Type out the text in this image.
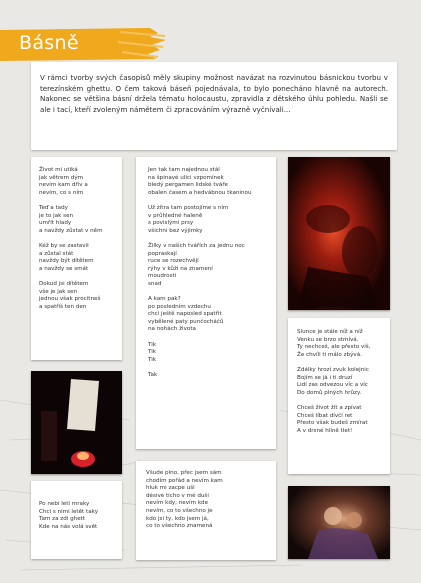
Básně

V rámci tvorby svých časopisů měly skupiny možnost navázat na rozvinutou básnickou tvorbu v terezínském ghettu. O čem taková báseň pojednávala, to bylo ponecháno hlavně na autorech. Nakonec se většina básní držela tématu holocaustu, zpravidla z dětského úhlu pohledu. Našli se ale i tací, kteří zvoleným námětem či zpracováním výrazně vyčnívali...

Život mi utiká
jak větrem dým
nevím kam dřív a
nevím, co s ním

Teď a tady
je to jak sen
umřít hlady
a navždy zůstat v něm

Kéž by se zastavil
a zůstal stát
navždy být dítětem
a navždy se smát

Dokud jsi dítětem
vše je jak sen
jednou však procitneš
a spatříš ten den
Jen tak tam najednou stál
na špinavé ulici vzpomínek
bledý pergamen lidské tváře
obalen časem a hedvábnou tkaninou

Už zítra tam postojíme s ním
v průhledné haleně
s povislými prsy
všichni bez výjimky

Žilky v našich tvářích za jednu noc
popraskají
ruce se rozechvějí
rýhy v kůži na znamení
moudrosti
snad

A kam pak?
po posledním vzdechu
chci ještě naposled spatřit
vybělené paty punčocháčů
na nohách života

Tik
Tik
Tik

Tak
Slunce je stále níž a níž
Venku se brzo stmívá.
Ty nechceš, ale přesto víš,
Že chvíli ti málo zbývá.

Zdálky hrozí zvuk kolejnic
Bojím se já i ti druzí
Lidí zas odvezou víc a víc
Do domů plných hrůzy.

Chceš život žít a zpívat
Chceš líbat dívčí ret
Přesto však budeš zmírat
A v drsné hlíně tlet!
Po nebi letí mraky
Chci s nimi letět taky
Tam za zdi ghett
Kde na nás volá svět
Všude plno, přec jsem sám
chodím pořád a nevím kam
hluk mi zacpe uši
désivé ticho v mé duši
nevím kdy, nevím kde
nevím, co to všechno je
kdo jsi ty, kdo jsem já,
co to všechno znamená
